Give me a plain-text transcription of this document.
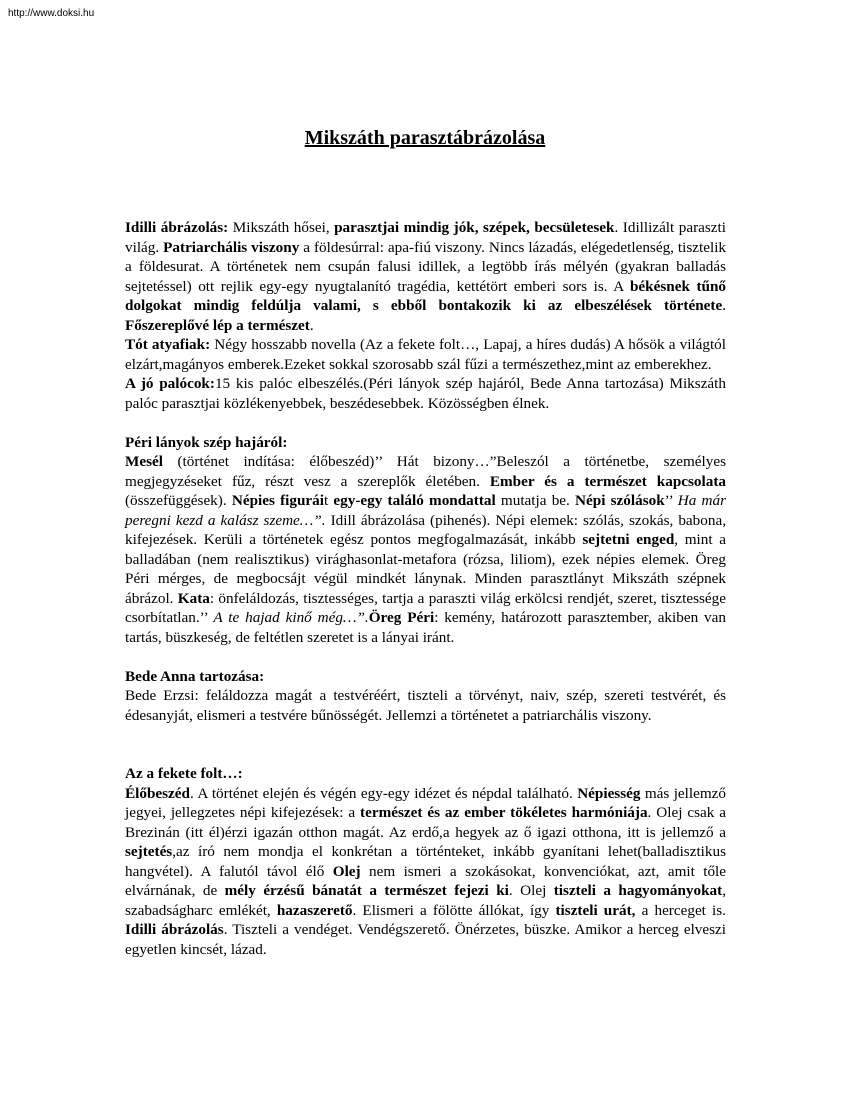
http://www.doksi.hu
Mikszáth parasztábrázolása

Idilli ábrázolás: Mikszáth hősei, parasztjai mindig jók, szépek, becsületesek. Idillizált paraszti világ. Patriarchális viszony a földesúrral: apa-fiú viszony. Nincs lázadás, elégedetlenség, tisztelik a földesurat. A történetek nem csupán falusi idillek, a legtöbb írás mélyén (gyakran balladás sejtetéssel) ott rejlik egy-egy nyugtalanító tragédia, kettétört emberi sors is. A békésnek tűnő dolgokat mindig feldúlja valami, s ebből bontakozik ki az elbeszélések története. Főszereplővé lép a természet.

Tót atyafiak: Négy hosszabb novella (Az a fekete folt…, Lapaj, a híres dudás) A hősök a világtól elzárt,magányos emberek.Ezeket sokkal szorosabb szál fűzi a természethez,mint az emberekhez.

A jó palócok:15 kis palóc elbeszélés.(Péri lányok szép hajáról, Bede Anna tartozása) Mikszáth palóc parasztjai közlékenyebbek, beszédesebbek. Közösségben élnek.

Péri lányok szép hajáról:

Mesél (történet indítása: élőbeszéd)’’ Hát bizony…”Beleszól a történetbe, személyes megjegyzéseket fűz, részt vesz a szereplők életében. Ember és a természet kapcsolata (összefüggések). Népies figuráit egy-egy találó mondattal mutatja be. Népi szólások’’ Ha már peregni kezd a kalász szeme…”. Idill ábrázolása (pihenés). Népi elemek: szólás, szokás, babona, kifejezések. Kerüli a történetek egész pontos megfogalmazását, inkább sejtetni enged, mint a balladában (nem realisztikus) virághasonlat-metafora (rózsa, liliom), ezek népies elemek. Öreg Péri mérges, de megbocsájt végül mindkét lánynak. Minden parasztlányt Mikszáth szépnek ábrázol. Kata: önfeláldozás, tisztességes, tartja a paraszti világ erkölcsi rendjét, szeret, tisztessége csorbítatlan.’’ A te hajad kinő még…”.Öreg Péri: kemény, határozott parasztember, akiben van tartás, büszkeség, de feltétlen szeretet is a lányai iránt.

Bede Anna tartozása:

Bede Erzsi: feláldozza magát a testvéréért, tiszteli a törvényt, naiv, szép, szereti testvérét, és édesanyját, elismeri a testvére bűnösségét. Jellemzi a történetet a patriarchális viszony.

Az a fekete folt…:

Élőbeszéd. A történet elején és végén egy-egy idézet és népdal található. Népiesség más jellemző jegyei, jellegzetes népi kifejezések: a természet és az ember tökéletes harmóniája. Olej csak a Brezinán (itt él)érzi igazán otthon magát. Az erdő,a hegyek az ő igazi otthona, itt is jellemző a sejtetés,az író nem mondja el konkrétan a történteket, inkább gyanítani lehet(balladisztikus hangvétel). A falutól távol élő Olej nem ismeri a szokásokat, konvenciókat, azt, amit tőle elvárnának, de mély érzésű bánatát a természet fejezi ki. Olej tiszteli a hagyományokat, szabadságharc emlékét, hazaszerető. Elismeri a fölötte állókat, így tiszteli urát, a herceget is. Idilli ábrázolás. Tiszteli a vendéget. Vendégszerető. Önérzetes, büszke. Amikor a herceg elveszi egyetlen kincsét, lázad.
